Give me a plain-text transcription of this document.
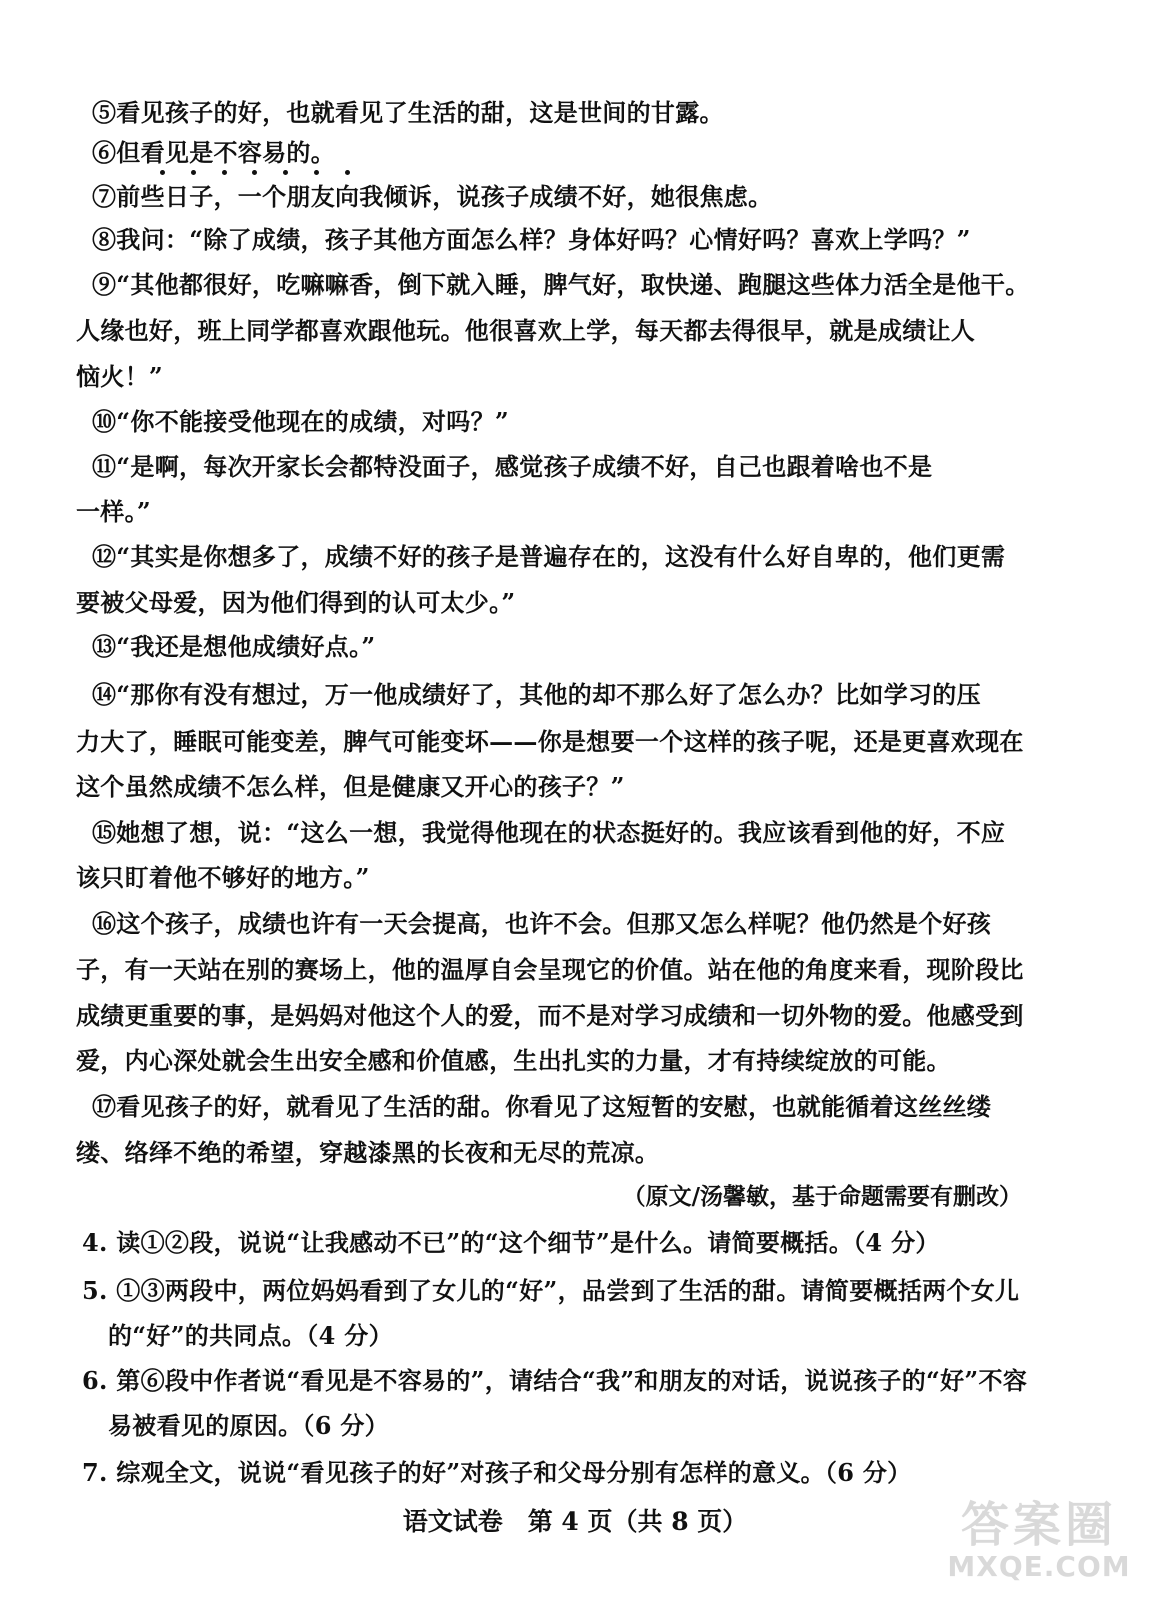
⑤看见孩子的好，也就看见了生活的甜，这是世间的甘露。
⑥但看见是不容易的。
⑦前些日子，一个朋友向我倾诉，说孩子成绩不好，她很焦虑。
⑧我问：“除了成绩，孩子其他方面怎么样？身体好吗？心情好吗？喜欢上学吗？”
⑨“其他都很好，吃嘛嘛香，倒下就入睡，脾气好，取快递、跑腿这些体力活全是他干。
人缘也好，班上同学都喜欢跟他玩。他很喜欢上学，每天都去得很早，就是成绩让人
恼火！”
⑩“你不能接受他现在的成绩，对吗？”
⑪“是啊，每次开家长会都特没面子，感觉孩子成绩不好，自己也跟着啥也不是
一样。”
⑫“其实是你想多了，成绩不好的孩子是普遍存在的，这没有什么好自卑的，他们更需
要被父母爱，因为他们得到的认可太少。”
⑬“我还是想他成绩好点。”
⑭“那你有没有想过，万一他成绩好了，其他的却不那么好了怎么办？比如学习的压
力大了，睡眠可能变差，脾气可能变坏——你是想要一个这样的孩子呢，还是更喜欢现在
这个虽然成绩不怎么样，但是健康又开心的孩子？”
⑮她想了想，说：“这么一想，我觉得他现在的状态挺好的。我应该看到他的好，不应
该只盯着他不够好的地方。”
⑯这个孩子，成绩也许有一天会提高，也许不会。但那又怎么样呢？他仍然是个好孩
子，有一天站在别的赛场上，他的温厚自会呈现它的价值。站在他的角度来看，现阶段比
成绩更重要的事，是妈妈对他这个人的爱，而不是对学习成绩和一切外物的爱。他感受到
爱，内心深处就会生出安全感和价值感，生出扎实的力量，才有持续绽放的可能。
⑰看见孩子的好，就看见了生活的甜。你看见了这短暂的安慰，也就能循着这丝丝缕
缕、络绎不绝的希望，穿越漆黑的长夜和无尽的荒凉。
（原文/汤馨敏，基于命题需要有删改）
4. 读①②段，说说“让我感动不已”的“这个细节”是什么。请简要概括。（4 分）
5. ①③两段中，两位妈妈看到了女儿的“好”，品尝到了生活的甜。请简要概括两个女儿
的“好”的共同点。（4 分）
6. 第⑥段中作者说“看见是不容易的”，请结合“我”和朋友的对话，说说孩子的“好”不容
易被看见的原因。（6 分）
7. 综观全文，说说“看见孩子的好”对孩子和父母分别有怎样的意义。（6 分）
语文试卷　第 4 页（共 8 页）	答案圈
MXQE.COM
